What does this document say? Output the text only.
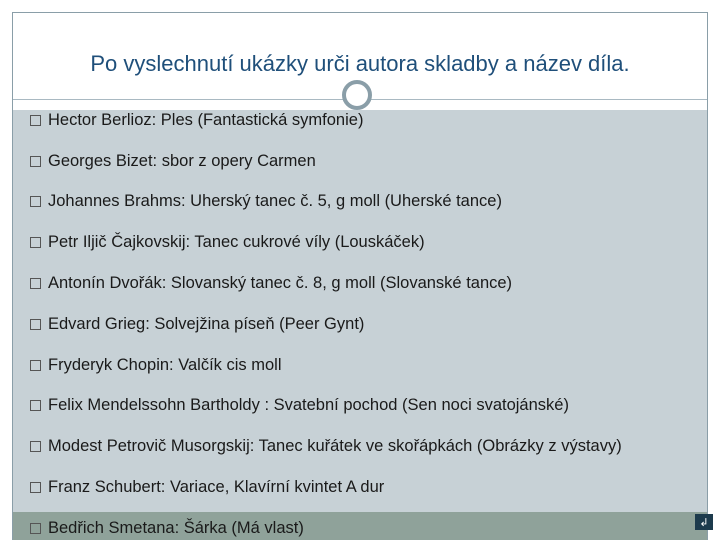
Po vyslechnutí ukázky urči autora skladby a název díla.
Hector Berlioz: Ples (Fantastická symfonie)
Georges Bizet: sbor z opery Carmen
Johannes Brahms: Uherský tanec č. 5, g moll (Uherské tance)
Petr Iljič Čajkovskij: Tanec cukrové víly (Louskáček)
Antonín Dvořák: Slovanský tanec č. 8, g moll (Slovanské tance)
Edvard Grieg: Solvejžina píseň (Peer Gynt)
Fryderyk Chopin: Valčík cis moll
Felix Mendelssohn Bartholdy : Svatební pochod (Sen noci svatojánské)
Modest Petrovič Musorgskij: Tanec kuřátek ve skořápkách (Obrázky z výstavy)
Franz Schubert: Variace, Klavírní kvintet A dur
Bedřich Smetana: Šárka (Má vlast)	↲
